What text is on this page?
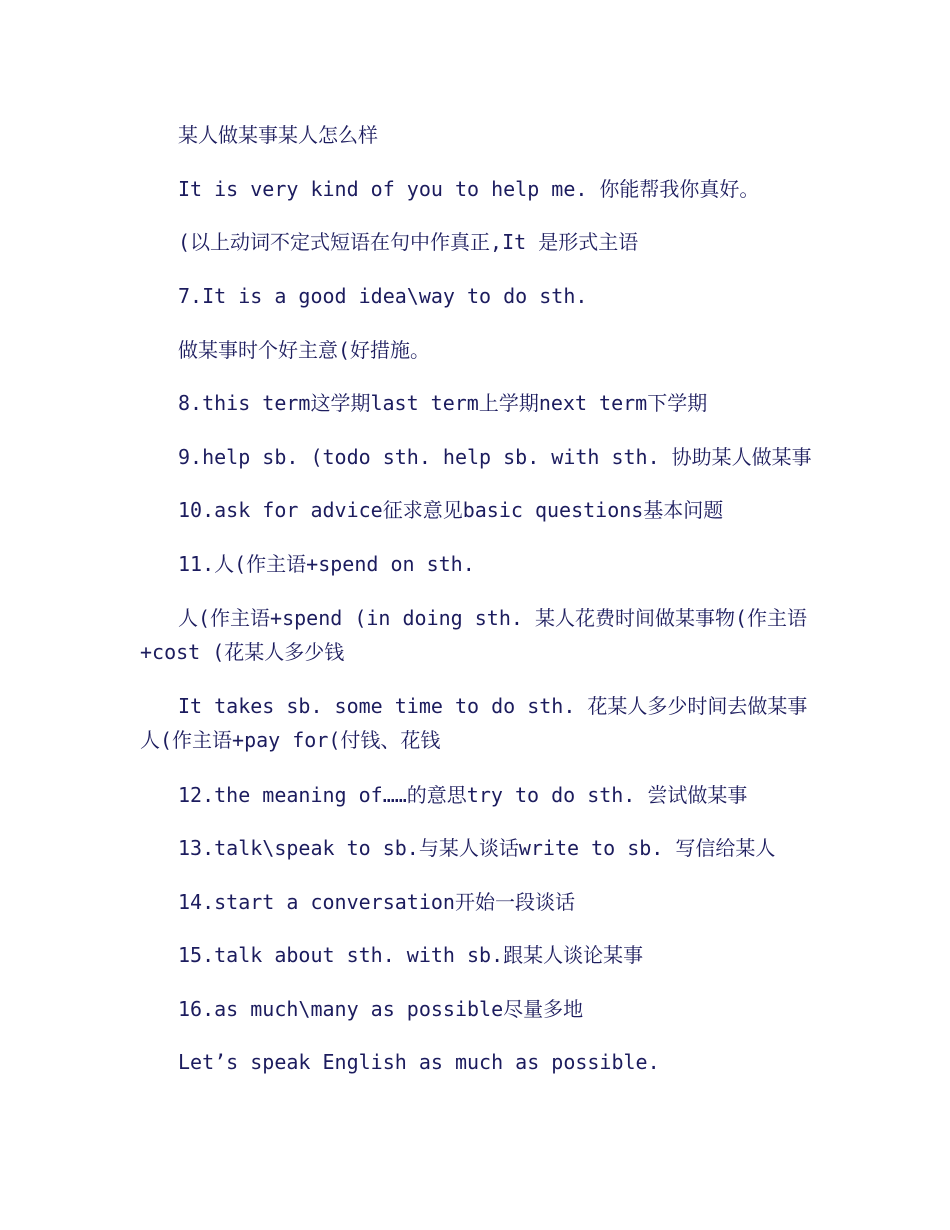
某人做某事某人怎么样
It is very kind of you to help me. 你能帮我你真好。
(以上动词不定式短语在句中作真正,It 是形式主语
7.It is a good idea\way to do sth.
做某事时个好主意(好措施。
8.this term这学期last term上学期next term下学期
9.help sb. (todo sth. help sb. with sth. 协助某人做某事
10.ask for advice征求意见basic questions基本问题
11.人(作主语+spend on sth.
人(作主语+spend (in doing sth. 某人花费时间做某事物(作主语+cost (花某人多少钱
It takes sb. some time to do sth. 花某人多少时间去做某事人(作主语+pay for(付钱、花钱
12.the meaning of……的意思try to do sth. 尝试做某事
13.talk\speak to sb.与某人谈话write to sb. 写信给某人
14.start a conversation开始一段谈话
15.talk about sth. with sb.跟某人谈论某事
16.as much\many as possible尽量多地
Let’s speak English as much as possible.
